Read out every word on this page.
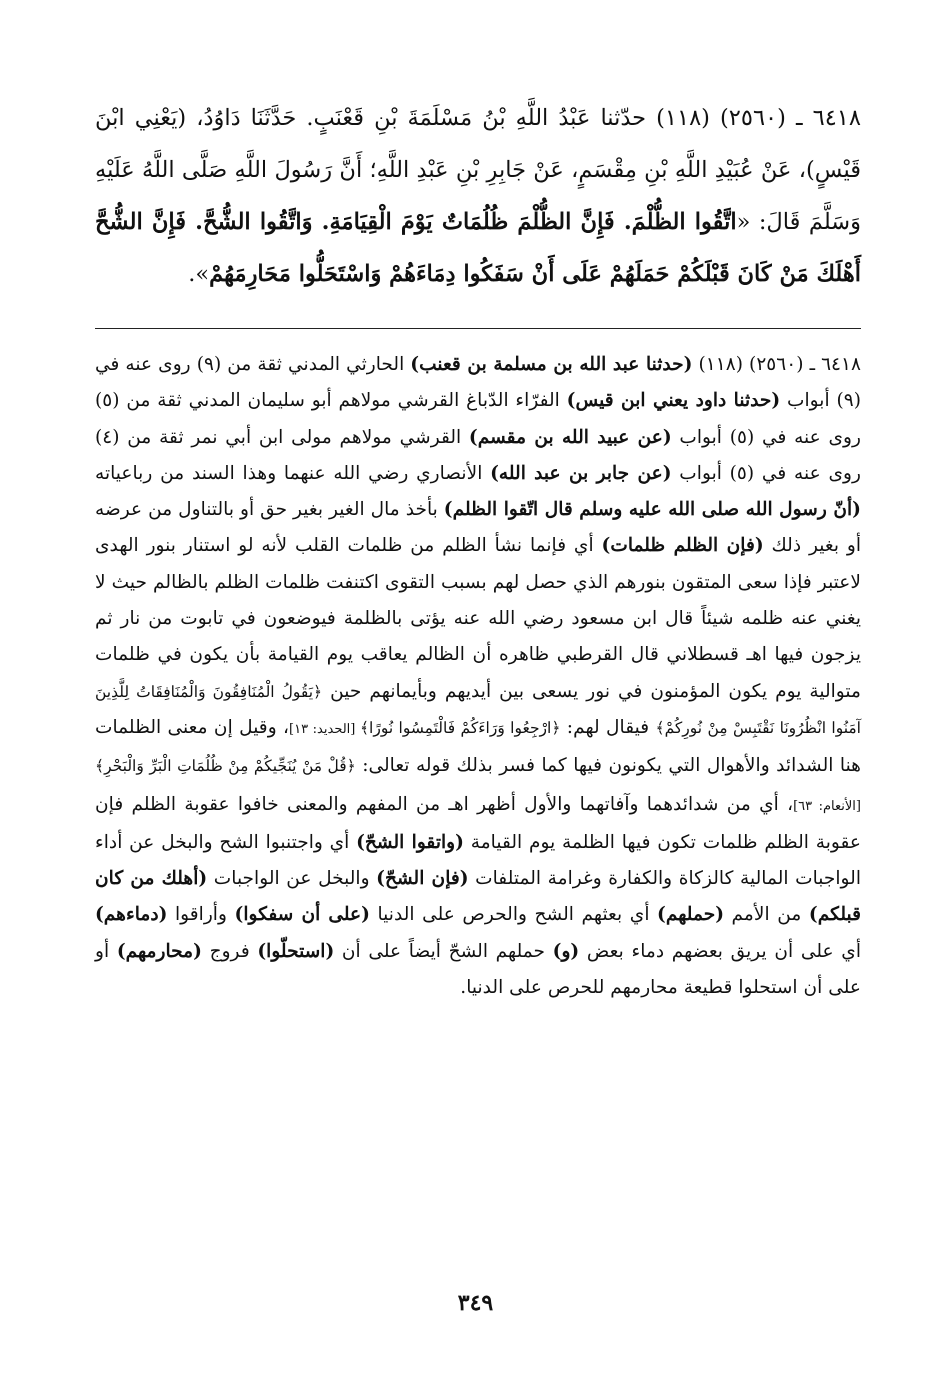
٦٤١٨ ـ (٢٥٦٠) (١١٨) حدّثنا عَبْدُ اللَّهِ بْنُ مَسْلَمَةَ بْنِ قَعْنَبٍ. حَدَّثَنَا دَاوُدُ، (يَعْنِي ابْنَ قَيْسٍ)، عَنْ عُبَيْدِ اللَّهِ بْنِ مِقْسَمٍ، عَنْ جَابِرِ بْنِ عَبْدِ اللَّهِ؛ أَنَّ رَسُولَ اللَّهِ صَلَّى اللَّهُ عَلَيْهِ وَسَلَّمَ قَالَ: «اتَّقُوا الظُّلْمَ. فَإِنَّ الظُّلْمَ ظُلُمَاتٌ يَوْمَ الْقِيَامَةِ. وَاتَّقُوا الشُّحَّ. فَإِنَّ الشُّحَّ أَهْلَكَ مَنْ كَانَ قَبْلَكُمْ حَمَلَهُمْ عَلَى أَنْ سَفَكُوا دِمَاءَهُمْ وَاسْتَحَلُّوا مَحَارِمَهُمْ».

٦٤١٨ ـ (٢٥٦٠) (١١٨) (حدثنا عبد الله بن مسلمة بن قعنب) الحارثي المدني ثقة من (٩) روى عنه في (٩) أبواب (حدثنا داود يعني ابن قيس) الفرّاء الدّباغ القرشي مولاهم أبو سليمان المدني ثقة من (٥) روى عنه في (٥) أبواب (عن عبيد الله بن مقسم) القرشي مولاهم مولى ابن أبي نمر ثقة من (٤) روى عنه في (٥) أبواب (عن جابر بن عبد الله) الأنصاري رضي الله عنهما وهذا السند من رباعياته (أنّ رسول الله صلى الله عليه وسلم قال اتّقوا الظلم) بأخذ مال الغير بغير حق أو بالتناول من عرضه أو بغير ذلك (فإن الظلم ظلمات) أي فإنما نشأ الظلم من ظلمات القلب لأنه لو استنار بنور الهدى لاعتبر فإذا سعى المتقون بنورهم الذي حصل لهم بسبب التقوى اكتنفت ظلمات الظلم بالظالم حيث لا يغني عنه ظلمه شيئاً قال ابن مسعود رضي الله عنه يؤتى بالظلمة فيوضعون في تابوت من نار ثم يزجون فيها اهـ قسطلاني قال القرطبي ظاهره أن الظالم يعاقب يوم القيامة بأن يكون في ظلمات متوالية يوم يكون المؤمنون في نور يسعى بين أيديهم وبأيمانهم حين ﴿يَقُولُ الْمُنَافِقُونَ وَالْمُنَافِقَاتُ لِلَّذِينَ آمَنُوا انْظُرُونَا نَقْتَبِسْ مِنْ نُورِكُمْ﴾ فيقال لهم: ﴿ارْجِعُوا وَرَاءَكُمْ فَالْتَمِسُوا نُورًا﴾ [الحديد: ١٣]، وقيل إن معنى الظلمات هنا الشدائد والأهوال التي يكونون فيها كما فسر بذلك قوله تعالى: ﴿قُلْ مَنْ يُنَجِّيكُمْ مِنْ ظُلُمَاتِ الْبَرِّ وَالْبَحْرِ﴾ [الأنعام: ٦٣]، أي من شدائدهما وآفاتهما والأول أظهر اهـ من المفهم والمعنى خافوا عقوبة الظلم فإن عقوبة الظلم ظلمات تكون فيها الظلمة يوم القيامة (واتقوا الشحّ) أي واجتنبوا الشح والبخل عن أداء الواجبات المالية كالزكاة والكفارة وغرامة المتلفات (فإن الشحّ) والبخل عن الواجبات (أهلك من كان قبلكم) من الأمم (حملهم) أي بعثهم الشح والحرص على الدنيا (على أن سفكوا) وأراقوا (دماءهم) أي على أن يريق بعضهم دماء بعض (و) حملهم الشحّ أيضاً على أن (استحلّوا) فروج (محارمهم) أو على أن استحلوا قطيعة محارمهم للحرص على الدنيا.

٣٤٩
